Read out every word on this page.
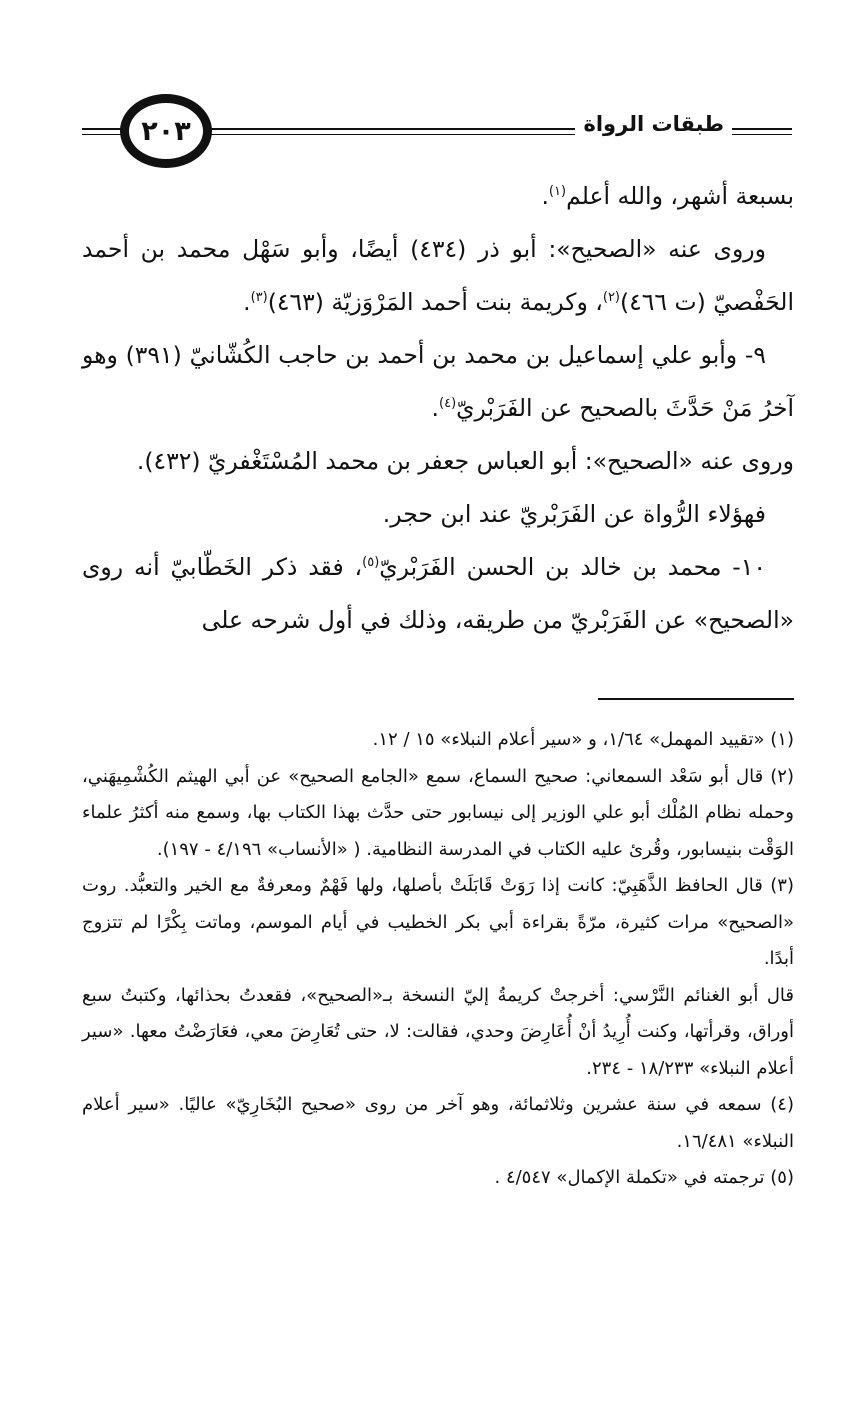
٢٠٣	طبقات الرواة

بسبعة أشهر، والله أعلم$^{(١)}$.

وروى عنه «الصحيح»: أبو ذر (٤٣٤) أيضًا، وأبو سَهْل محمد بن أحمد الحَفْصيّ (ت ٤٦٦)$^{(٢)}$، وكريمة بنت أحمد المَرْوَزيّة (٤٦٣)$^{(٣)}$.

٩- وأبو علي إسماعيل بن محمد بن أحمد بن حاجب الكُشّانيّ (٣٩١) وهو آخرُ مَنْ حَدَّثَ بالصحيح عن الفَرَبْريّ$^{(٤)}$.

وروى عنه «الصحيح»: أبو العباس جعفر بن محمد المُسْتَغْفريّ (٤٣٢).

فهؤلاء الرُّواة عن الفَرَبْريّ عند ابن حجر.

١٠- محمد بن خالد بن الحسن الفَرَبْريّ$^{(٥)}$، فقد ذكر الخَطّابيّ أنه روى «الصحيح» عن الفَرَبْريّ من طريقه، وذلك في أول شرحه على

(١) «تقييد المهمل» ١/٦٤، و «سير أعلام النبلاء» ١٥ / ١٢.

(٢) قال أبو سَعْد السمعاني: صحيح السماع، سمع «الجامع الصحيح» عن أبي الهيثم الكُشْمِيهَني، وحمله نظام المُلْك أبو علي الوزير إلى نيسابور حتى حدَّث بهذا الكتاب بها، وسمع منه أكثرُ علماء الوَقْت بنيسابور، وقُرئ عليه الكتاب في المدرسة النظامية. ( «الأنساب» ٤/١٩٦ - ١٩٧).

(٣) قال الحافظ الذَّهَبِيّ: كانت إذا رَوَتْ قَابَلَتْ بأصلها، ولها فَهْمٌ ومعرفةٌ مع الخير والتعبُّد. روت «الصحيح» مرات كثيرة، مرّةً بقراءة أبي بكر الخطيب في أيام الموسم، وماتت بِكْرًا لم تتزوج أبدًا.

قال أبو الغنائم النَّرْسي: أخرجتْ كريمةُ إليّ النسخة بـ«الصحيح»، فقعدتُ بحذائها، وكتبتُ سبع أوراق، وقرأتها، وكنت أُرِيدُ أنْ أُعَارِضَ وحدي، فقالت: لا، حتى تُعَارِضَ معي، فعَارَضْتُ معها. «سير أعلام النبلاء» ١٨/٢٣٣ - ٢٣٤.

(٤) سمعه في سنة عشرين وثلاثمائة، وهو آخر من روى «صحيح البُخَارِيّ» عاليًا. «سير أعلام النبلاء» ١٦/٤٨١.

(٥) ترجمته في «تكملة الإكمال» ٤/٥٤٧ .
